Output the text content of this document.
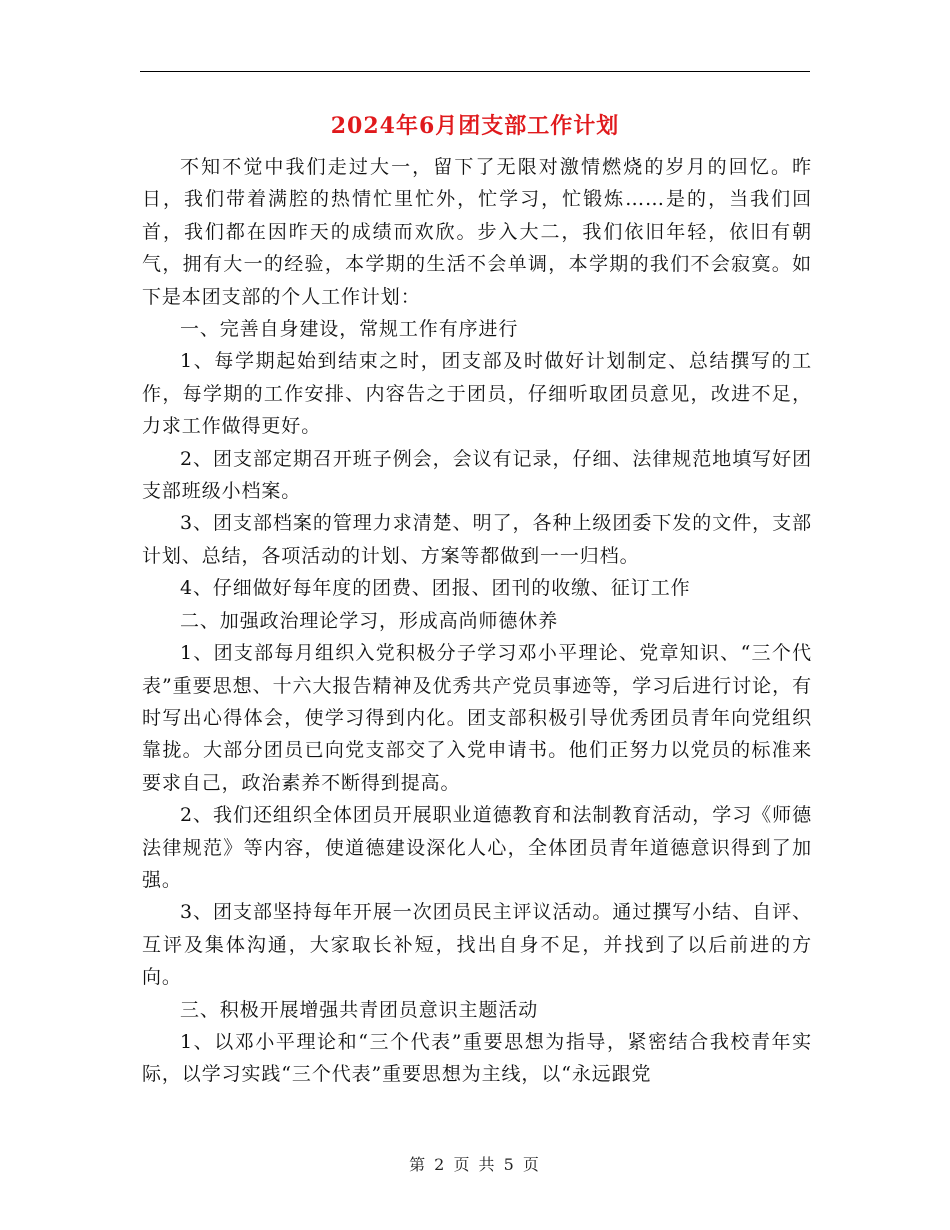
2024年6月团支部工作计划

不知不觉中我们走过大一，留下了无限对激情燃烧的岁月的回忆。昨日，我们带着满腔的热情忙里忙外，忙学习，忙锻炼……是的，当我们回首，我们都在因昨天的成绩而欢欣。步入大二，我们依旧年轻，依旧有朝气，拥有大一的经验，本学期的生活不会单调，本学期的我们不会寂寞。如下是本团支部的个人工作计划：

一、完善自身建设，常规工作有序进行

1、每学期起始到结束之时，团支部及时做好计划制定、总结撰写的工作，每学期的工作安排、内容告之于团员，仔细听取团员意见，改进不足，力求工作做得更好。

2、团支部定期召开班子例会，会议有记录，仔细、法律规范地填写好团支部班级小档案。

3、团支部档案的管理力求清楚、明了，各种上级团委下发的文件，支部计划、总结，各项活动的计划、方案等都做到一一归档。

4、仔细做好每年度的团费、团报、团刊的收缴、征订工作

二、加强政治理论学习，形成高尚师德休养

1、团支部每月组织入党积极分子学习邓小平理论、党章知识、“三个代表”重要思想、十六大报告精神及优秀共产党员事迹等，学习后进行讨论，有时写出心得体会，使学习得到内化。团支部积极引导优秀团员青年向党组织靠拢。大部分团员已向党支部交了入党申请书。他们正努力以党员的标准来要求自己，政治素养不断得到提高。

2、我们还组织全体团员开展职业道德教育和法制教育活动，学习《师德法律规范》等内容，使道德建设深化人心，全体团员青年道德意识得到了加强。

3、团支部坚持每年开展一次团员民主评议活动。通过撰写小结、自评、互评及集体沟通，大家取长补短，找出自身不足，并找到了以后前进的方向。

三、积极开展增强共青团员意识主题活动

1、以邓小平理论和“三个代表”重要思想为指导，紧密结合我校青年实际，以学习实践“三个代表”重要思想为主线，以“永远跟党

第 2 页 共 5 页
